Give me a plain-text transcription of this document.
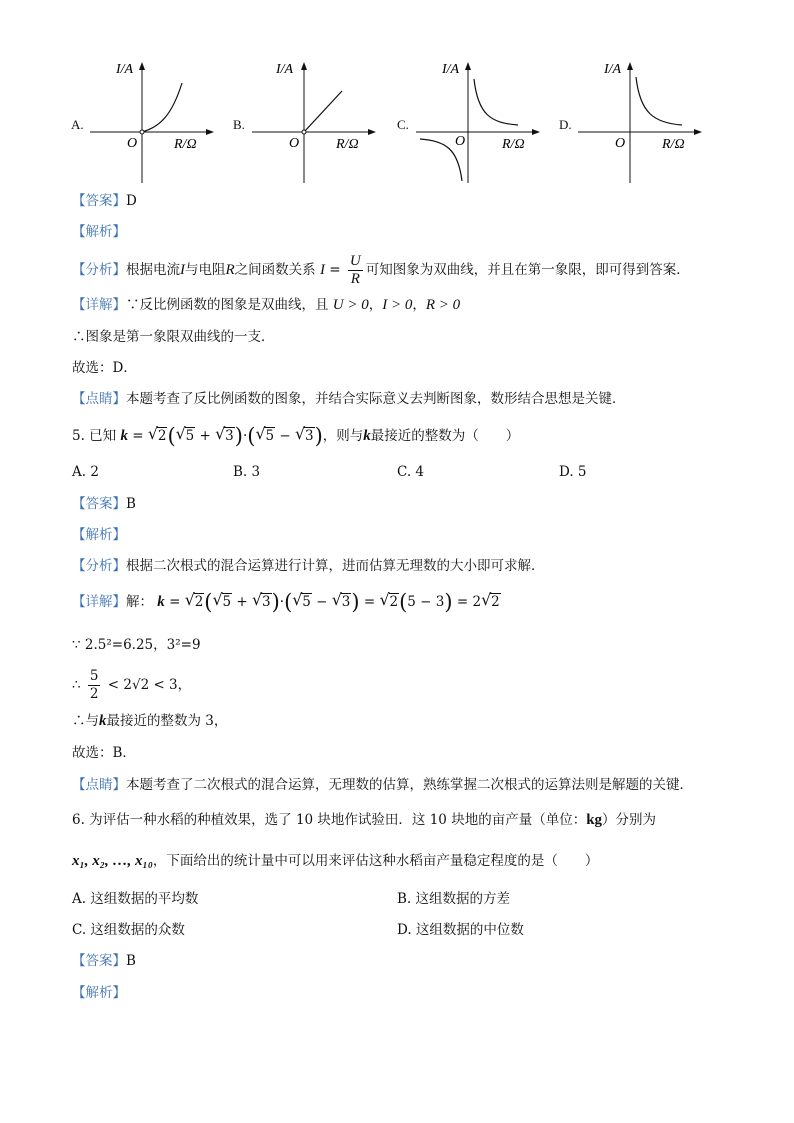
A.	B.	C.	D.
I/A
O	R/Ω
I/A
O	R/Ω
I/A
O	R/Ω
I/A
O	R/Ω
【答案】D
【解析】
【分析】根据电流I与电阻R之间函数关系 $I = \frac{U}{R}$ 可知图象为双曲线，并且在第一象限，即可得到答案．
【详解】∵反比例函数的图象是双曲线，且 U > 0，I > 0，R > 0
∴图象是第一象限双曲线的一支．
故选：D．
【点睛】本题考查了反比例函数的图象，并结合实际意义去判断图象，数形结合思想是关键．
5. 已知 k = √ 2( √ 5 + √ 3)·( √ 5 − √ 3)，则与k最接近的整数为（　　）
A. 2	B. 3	C. 4	D. 5
【答案】B
【解析】
【分析】根据二次根式的混合运算进行计算，进而估算无理数的大小即可求解．
【详解】解： k = √ 2( √ 5 + √ 3)·( √ 5 − √ 3) = √ 2(5 − 3) = 2 √ 2
∵ 2.5²=6.25，3²=9
∴ $\frac{5}{2} < 2√2 < 3$，
∴与k最接近的整数为 3，
故选：B．
【点睛】本题考查了二次根式的混合运算，无理数的估算，熟练掌握二次根式的运算法则是解题的关键．
6. 为评估一种水稻的种植效果，选了 10 块地作试验田．这 10 块地的亩产量（单位：kg）分别为
x₁, x₂, …, x₁₀，下面给出的统计量中可以用来评估这种水稻亩产量稳定程度的是（　　）
A. 这组数据的平均数	B. 这组数据的方差
C. 这组数据的众数	D. 这组数据的中位数
【答案】B
【解析】
